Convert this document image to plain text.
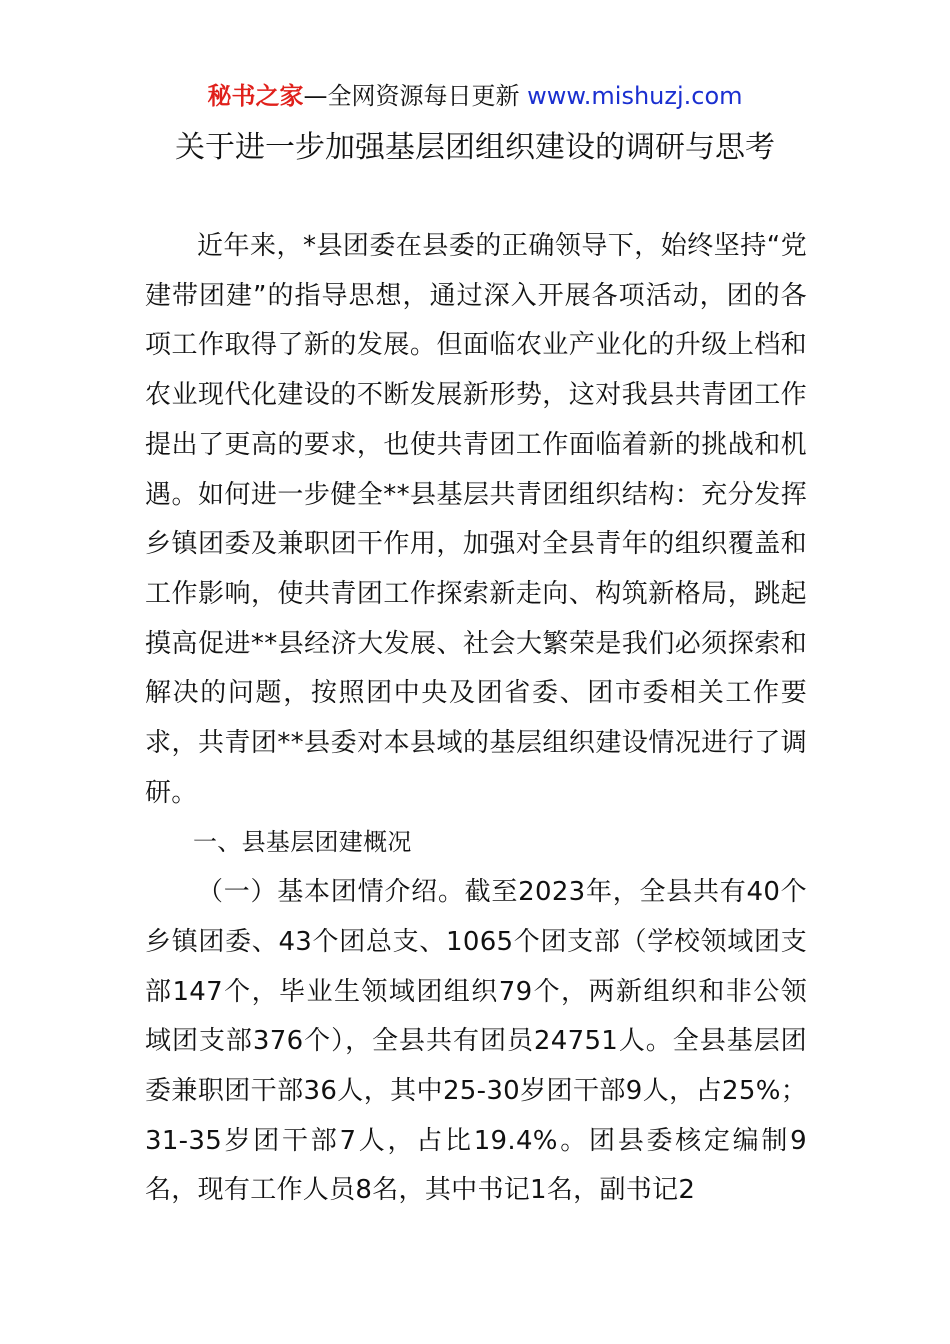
秘书之家—全网资源每日更新 www.mishuzj.com
关于进一步加强基层团组织建设的调研与思考

近年来，*县团委在县委的正确领导下，始终坚持“党建带团建”的指导思想，通过深入开展各项活动，团的各项工作取得了新的发展。但面临农业产业化的升级上档和农业现代化建设的不断发展新形势，这对我县共青团工作提出了更高的要求，也使共青团工作面临着新的挑战和机遇。如何进一步健全**县基层共青团组织结构：充分发挥乡镇团委及兼职团干作用，加强对全县青年的组织覆盖和工作影响，使共青团工作探索新走向、构筑新格局，跳起摸高促进**县经济大发展、社会大繁荣是我们必须探索和解决的问题，按照团中央及团省委、团市委相关工作要求，共青团**县委对本县域的基层组织建设情况进行了调研。

一、县基层团建概况

（一）基本团情介绍。截至2023年，全县共有40个乡镇团委、43个团总支、1065个团支部（学校领域团支部147个，毕业生领域团组织79个，两新组织和非公领域团支部376个），全县共有团员24751人。全县基层团委兼职团干部36人，其中25-30岁团干部9人，占25%；31-35岁团干部7人，占比19.4%。团县委核定编制9名，现有工作人员8名，其中书记1名，副书记2
